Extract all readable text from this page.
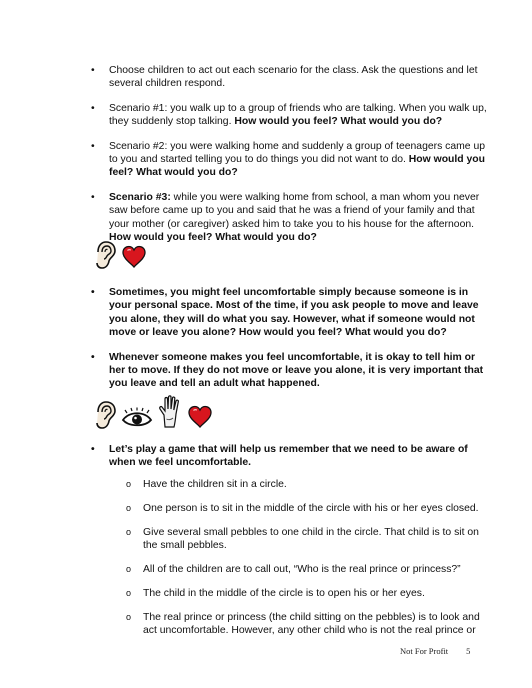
• Choose children to act out each scenario for the class. Ask the questions and let several children respond.
• Scenario #1: you walk up to a group of friends who are talking. When you walk up, they suddenly stop talking. How would you feel? What would you do?
• Scenario #2: you were walking home and suddenly a group of teenagers came up to you and started telling you to do things you did not want to do. How would you feel? What would you do?
• Scenario #3: while you were walking home from school, a man whom you never saw before came up to you and said that he was a friend of your family and that your mother (or caregiver) asked him to take you to his house for the afternoon. How would you feel? What would you do?
• Sometimes, you might feel uncomfortable simply because someone is in your personal space. Most of the time, if you ask people to move and leave you alone, they will do what you say. However, what if someone would not move or leave you alone? How would you feel? What would you do?
• Whenever someone makes you feel uncomfortable, it is okay to tell him or her to move. If they do not move or leave you alone, it is very important that you leave and tell an adult what happened.
• Let’s play a game that will help us remember that we need to be aware of when we feel uncomfortable.
o Have the children sit in a circle.
o One person is to sit in the middle of the circle with his or her eyes closed.
o Give several small pebbles to one child in the circle. That child is to sit on the small pebbles.
o All of the children are to call out, “Who is the real prince or princess?”
o The child in the middle of the circle is to open his or her eyes.
o The real prince or princess (the child sitting on the pebbles) is to look and act uncomfortable. However, any other child who is not the real prince or
Not For Profit 5
